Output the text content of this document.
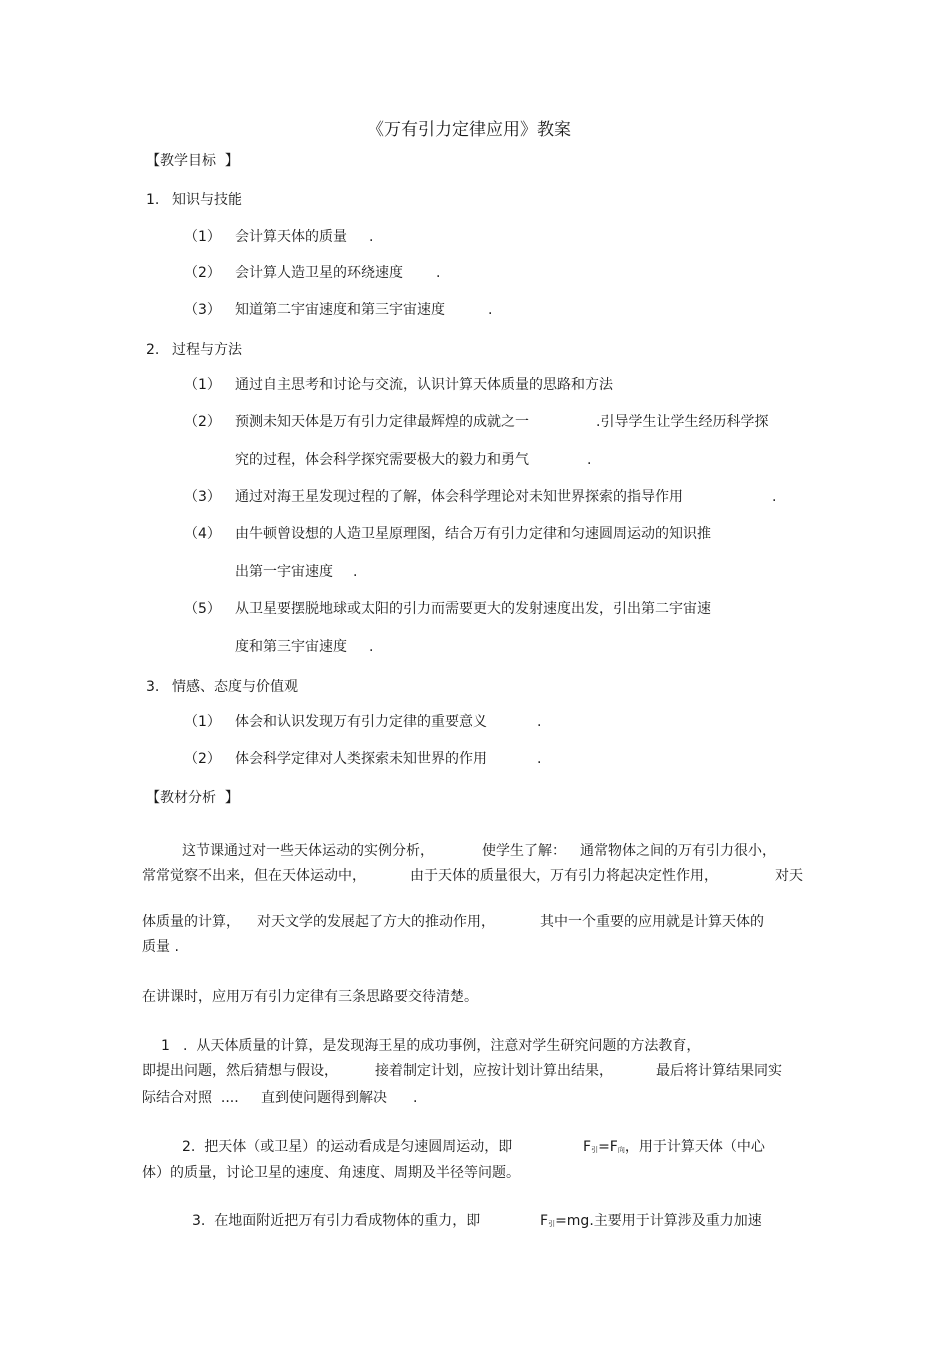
《万有引力定律应用》教案
【教学目标  】
1. 知识与技能
（1） 会计算天体的质量 .
（2） 会计算人造卫星的环绕速度 .
（3） 知道第二宇宙速度和第三宇宙速度	.
2. 过程与方法
（1） 通过自主思考和讨论与交流，认识计算天体质量的思路和方法
（2） 预测未知天体是万有引力定律最辉煌的成就之一	.引导学生让学生经历科学探
究的过程，体会科学探究需要极大的毅力和勇气	.
（3） 通过对海王星发现过程的了解，体会科学理论对未知世界探索的指导作用	.
（4） 由牛顿曾设想的人造卫星原理图，结合万有引力定律和匀速圆周运动的知识推
出第一宇宙速度 .
（5） 从卫星要摆脱地球或太阳的引力而需要更大的发射速度出发，引出第二宇宙速
度和第三宇宙速度 .
3. 情感、态度与价值观
（1） 体会和认识发现万有引力定律的重要意义	.
（2） 体会科学定律对人类探索未知世界的作用	.
【教材分析  】
这节课通过对一些天体运动的实例分析，	使学生了解： 通常物体之间的万有引力很小，
常常觉察不出来，但在天体运动中，	由于天体的质量很大，万有引力将起决定性作用，	对天
体质量的计算， 对天文学的发展起了方大的推动作用，	其中一个重要的应用就是计算天体的
质量 .
在讲课时，应用万有引力定律有三条思路要交待清楚。
1 .  从天体质量的计算，是发现海王星的成功事例，注意对学生研究问题的方法教育，
即提出问题，然后猜想与假设，	接着制定计划，应按计划计算出结果，	最后将计算结果同实
际结合对照  .... 直到使问题得到解决 .
2.  把天体（或卫星）的运动看成是匀速圆周运动，即	$F_引=F_向$，用于计算天体（中心
体）的质量，讨论卫星的速度、角速度、周期及半径等问题。
3.  在地面附近把万有引力看成物体的重力，即	$F_引=mg$.主要用于计算涉及重力加速
